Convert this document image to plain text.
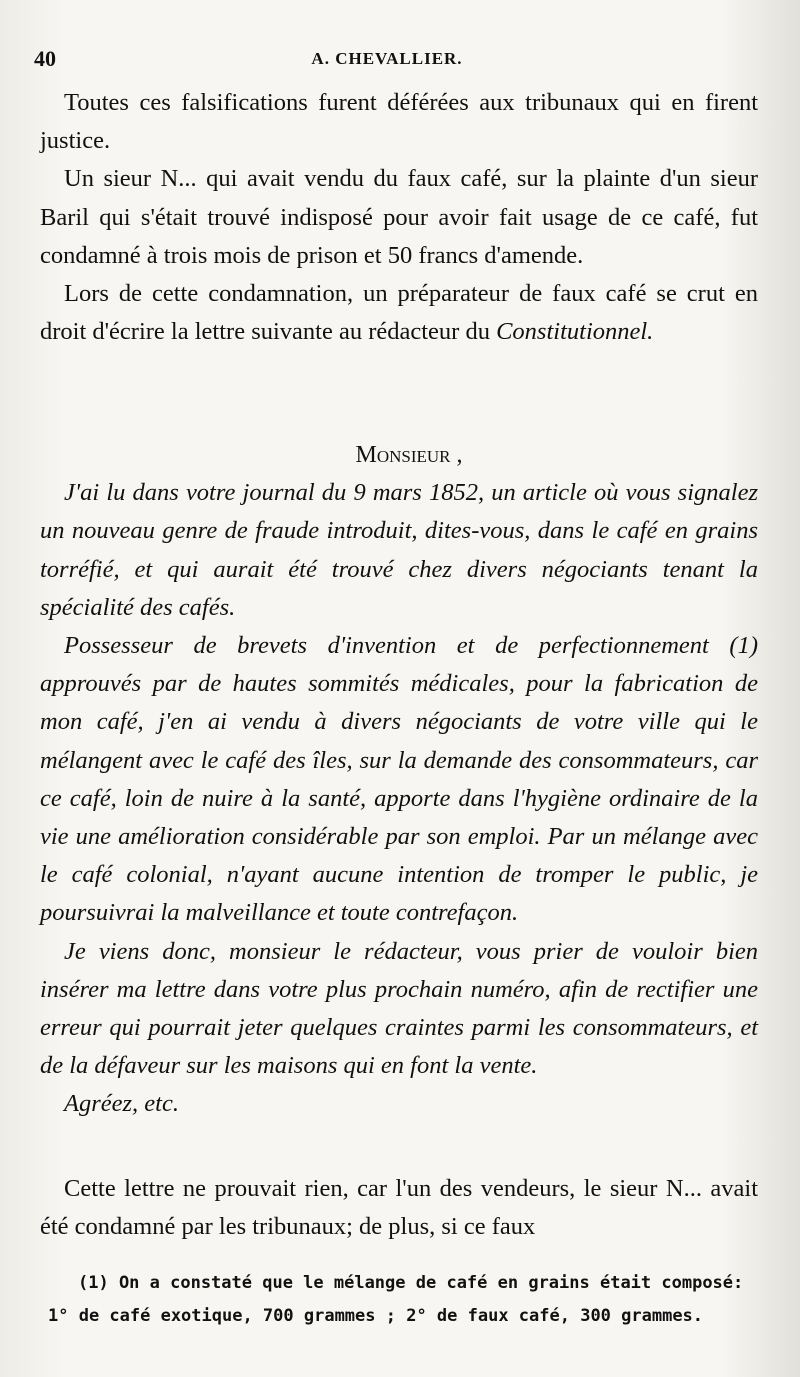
40	A. CHEVALLIER.

Toutes ces falsifications furent déférées aux tribunaux qui en firent justice.

Un sieur N... qui avait vendu du faux café, sur la plainte d'un sieur Baril qui s'était trouvé indisposé pour avoir fait usage de ce café, fut condamné à trois mois de prison et 50 francs d'amende.

Lors de cette condamnation, un préparateur de faux café se crut en droit d'écrire la lettre suivante au rédacteur du Constitutionnel.

Monsieur ,

J'ai lu dans votre journal du 9 mars 1852, un article où vous signalez un nouveau genre de fraude introduit, dites-vous, dans le café en grains torréfié, et qui aurait été trouvé chez divers négociants tenant la spécialité des cafés.

Possesseur de brevets d'invention et de perfectionnement (1) approuvés par de hautes sommités médicales, pour la fabrication de mon café, j'en ai vendu à divers négociants de votre ville qui le mélangent avec le café des îles, sur la demande des consommateurs, car ce café, loin de nuire à la santé, apporte dans l'hygiène ordinaire de la vie une amélioration considérable par son emploi. Par un mélange avec le café colonial, n'ayant aucune intention de tromper le public, je poursuivrai la malveillance et toute contrefaçon.

Je viens donc, monsieur le rédacteur, vous prier de vouloir bien insérer ma lettre dans votre plus prochain numéro, afin de rectifier une erreur qui pourrait jeter quelques craintes parmi les consommateurs, et de la défaveur sur les maisons qui en font la vente.

Agréez, etc.

Cette lettre ne prouvait rien, car l'un des vendeurs, le sieur N... avait été condamné par les tribunaux; de plus, si ce faux

(1) On a constaté que le mélange de café en grains était composé:

1° de café exotique, 700 grammes ; 2° de faux café, 300 grammes.
